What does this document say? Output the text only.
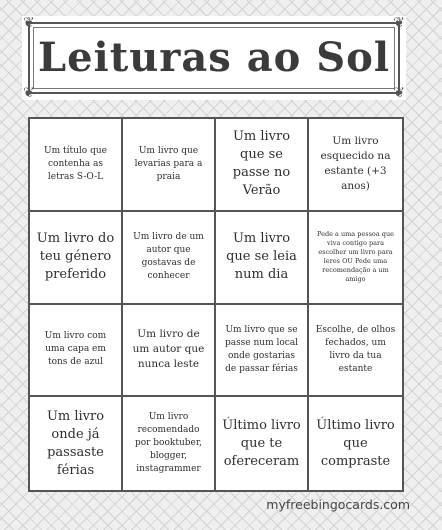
❦	❦
❦	❦
Leituras ao Sol
Um título que contenha as letras S-O-L
Um livro que levarias para a praia
Um livro que se passe no Verão
Um livro esquecido na estante (+3 anos)
Um livro do teu género preferido
Um livro de um autor que gostavas de conhecer
Um livro que se leia num dia
Pede a uma pessoa que viva contigo para escolher um livro para leres OU Pede uma recomendação a um amigo
Um livro com uma capa em tons de azul
Um livro de um autor que nunca leste
Um livro que se passe num local onde gostarias de passar férias
Escolhe, de olhos fechados, um livro da tua estante
Um livro onde já passaste férias
Um livro recomendado por booktuber, blogger, instagrammer
Último livro que te ofereceram
Último livro que compraste
myfreebingocards.com
